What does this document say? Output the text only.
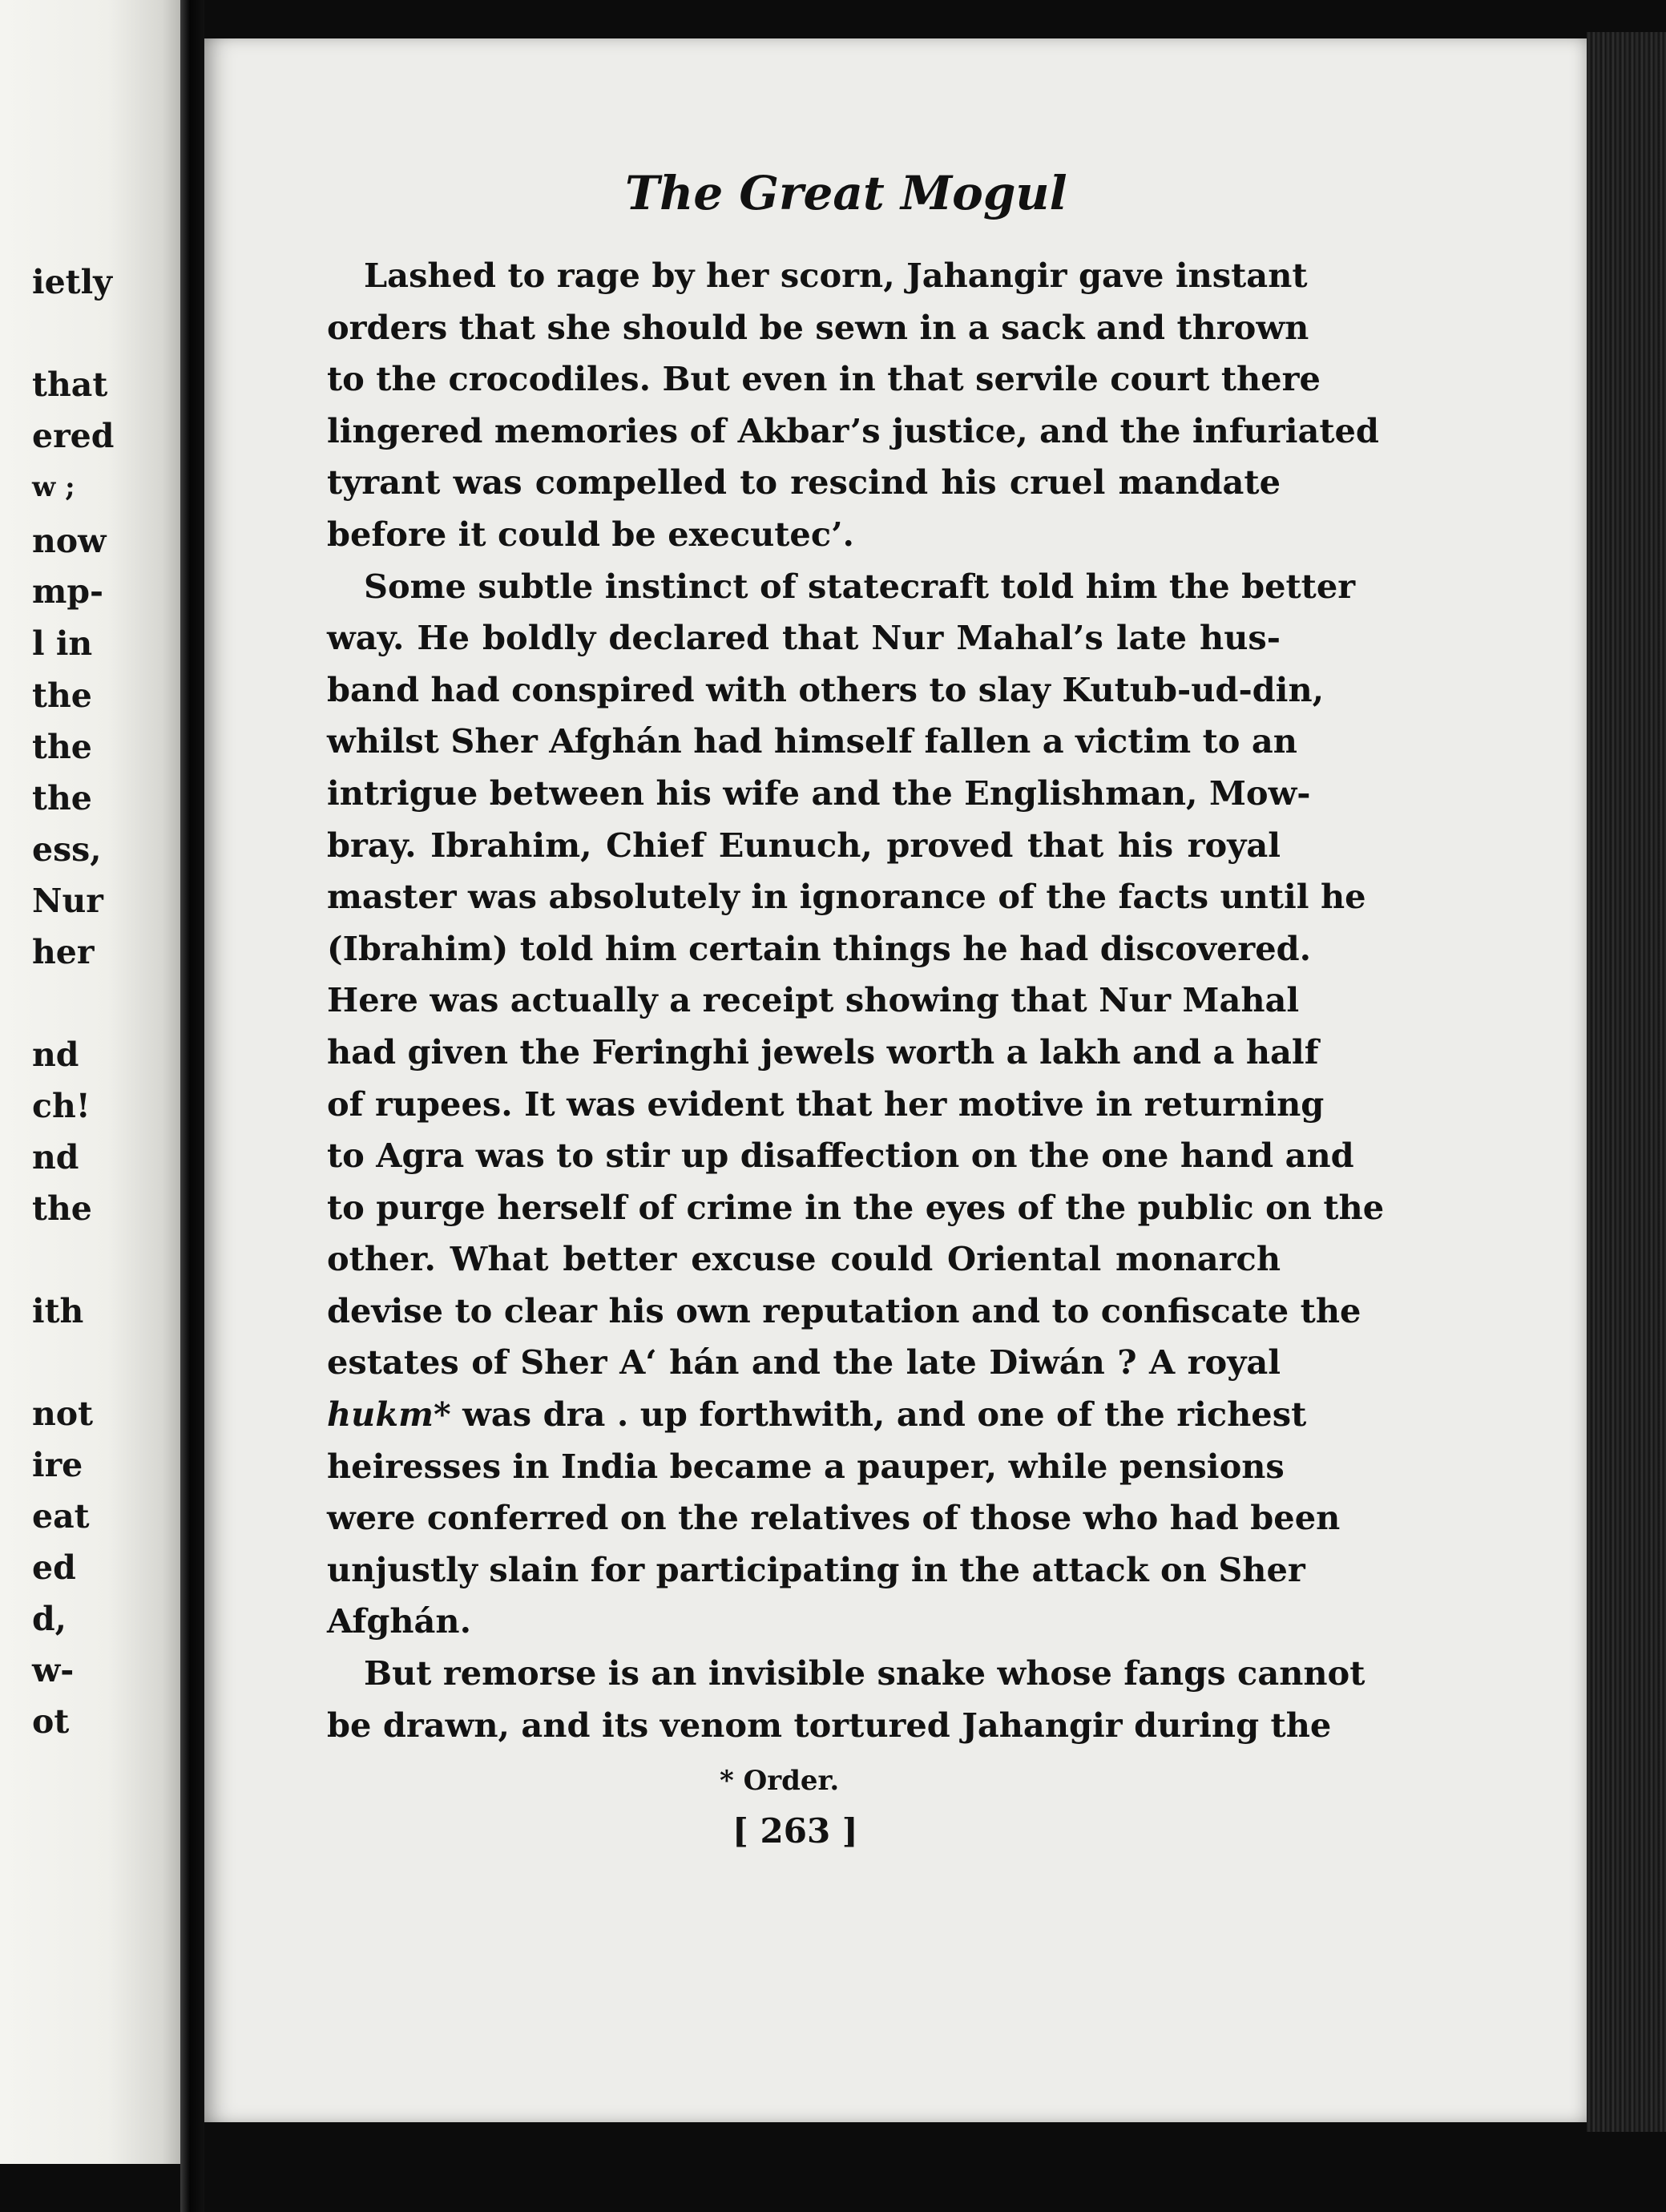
ietly
that
ered
w ;
now
mp-
l in
the
the
the
ess,
Nur
her
nd
ch!
nd
the
ith
not
ire
eat
ed
d,
w-
ot
The Great Mogul
Lashed to rage by her scorn, Jahangir gave instant
orders that she should be sewn in a sack and thrown
to the crocodiles. But even in that servile court there
lingered memories of Akbar’s justice, and the infuriated
tyrant was compelled to rescind his cruel mandate
before it could be executec’.
Some subtle instinct of statecraft told him the better
way. He boldly declared that Nur Mahal’s late hus-
band had conspired with others to slay Kutub-ud-din,
whilst Sher Afghán had himself fallen a victim to an
intrigue between his wife and the Englishman, Mow-
bray. Ibrahim, Chief Eunuch, proved that his royal
master was absolutely in ignorance of the facts until he
(Ibrahim) told him certain things he had discovered.
Here was actually a receipt showing that Nur Mahal
had given the Feringhi jewels worth a lakh and a half
of rupees. It was evident that her motive in returning
to Agra was to stir up disaffection on the one hand and
to purge herself of crime in the eyes of the public on the
other. What better excuse could Oriental monarch
devise to clear his own reputation and to confiscate the
estates of Sher A‘ hán and the late Diwán ? A royal
hukm* was dra . up forthwith, and one of the richest
heiresses in India became a pauper, while pensions
were conferred on the relatives of those who had been
unjustly slain for participating in the attack on Sher
Afghán.
But remorse is an invisible snake whose fangs cannot
be drawn, and its venom tortured Jahangir during the
* Order.
[ 263 ]
